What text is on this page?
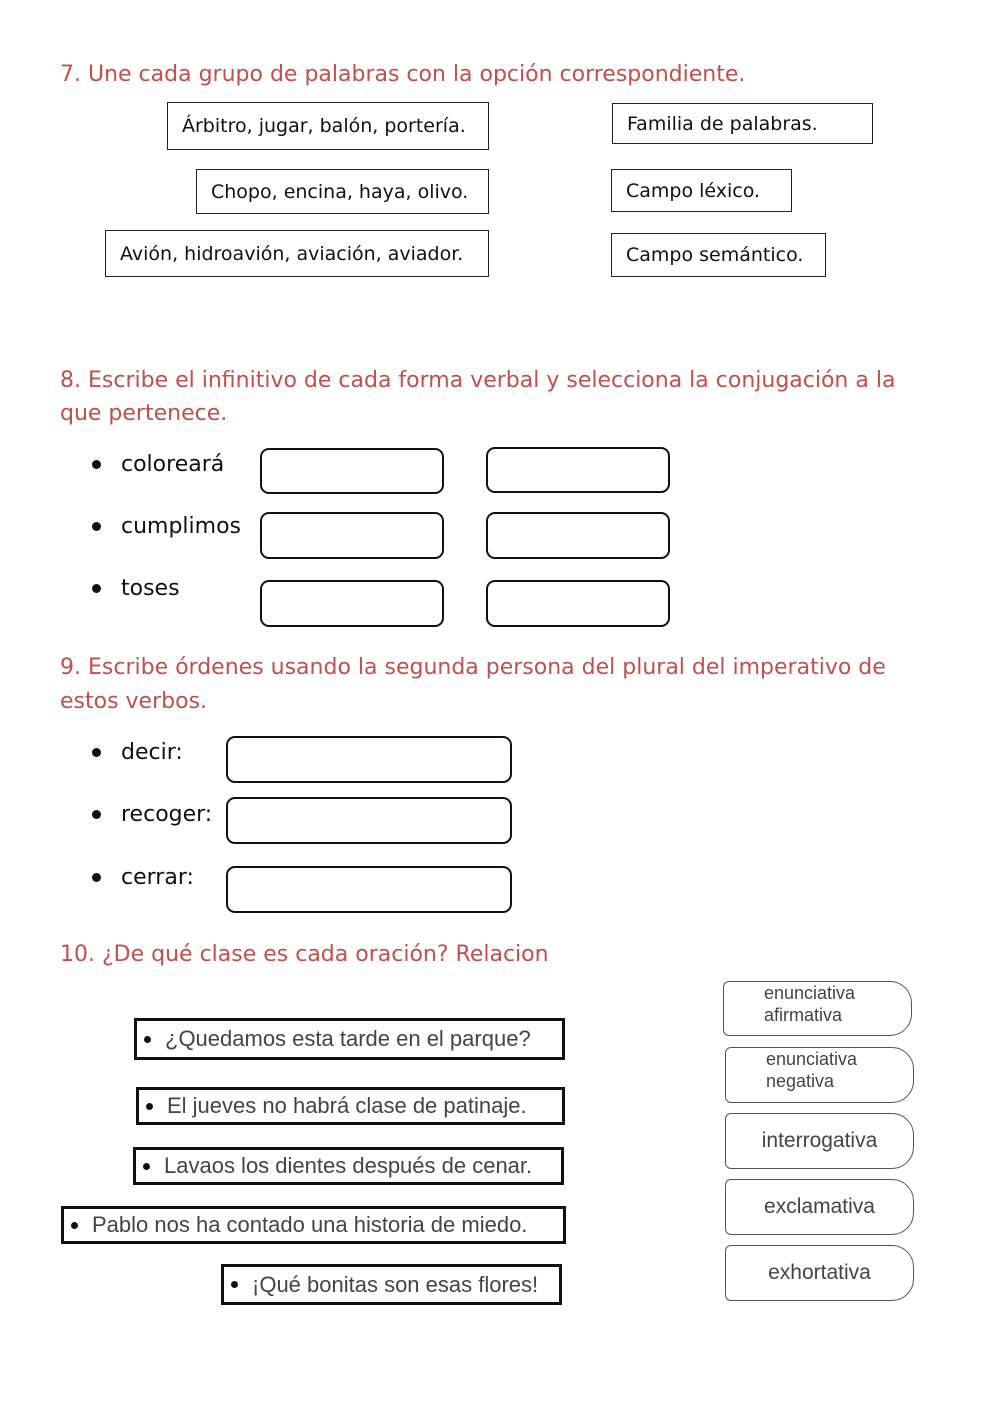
7. Une cada grupo de palabras con la opción correspondiente.
Árbitro, jugar, balón, portería.
Chopo, encina, haya, olivo.
Avión, hidroavión, aviación, aviador.
Familia de palabras.
Campo léxico.
Campo semántico.
8. Escribe el infinitivo de cada forma verbal y selecciona la conjugación a la
que pertenece.
coloreará
cumplimos
toses
9. Escribe órdenes usando la segunda persona del plural del imperativo de
estos verbos.
decir:
recoger:
cerrar:
10. ¿De qué clase es cada oración? Relacion
¿Quedamos esta tarde en el parque?
El jueves no habrá clase de patinaje.
Lavaos los dientes después de cenar.
Pablo nos ha contado una historia de miedo.
¡Qué bonitas son esas flores!
enunciativa
afirmativa
enunciativa
negativa
interrogativa
exclamativa
exhortativa
